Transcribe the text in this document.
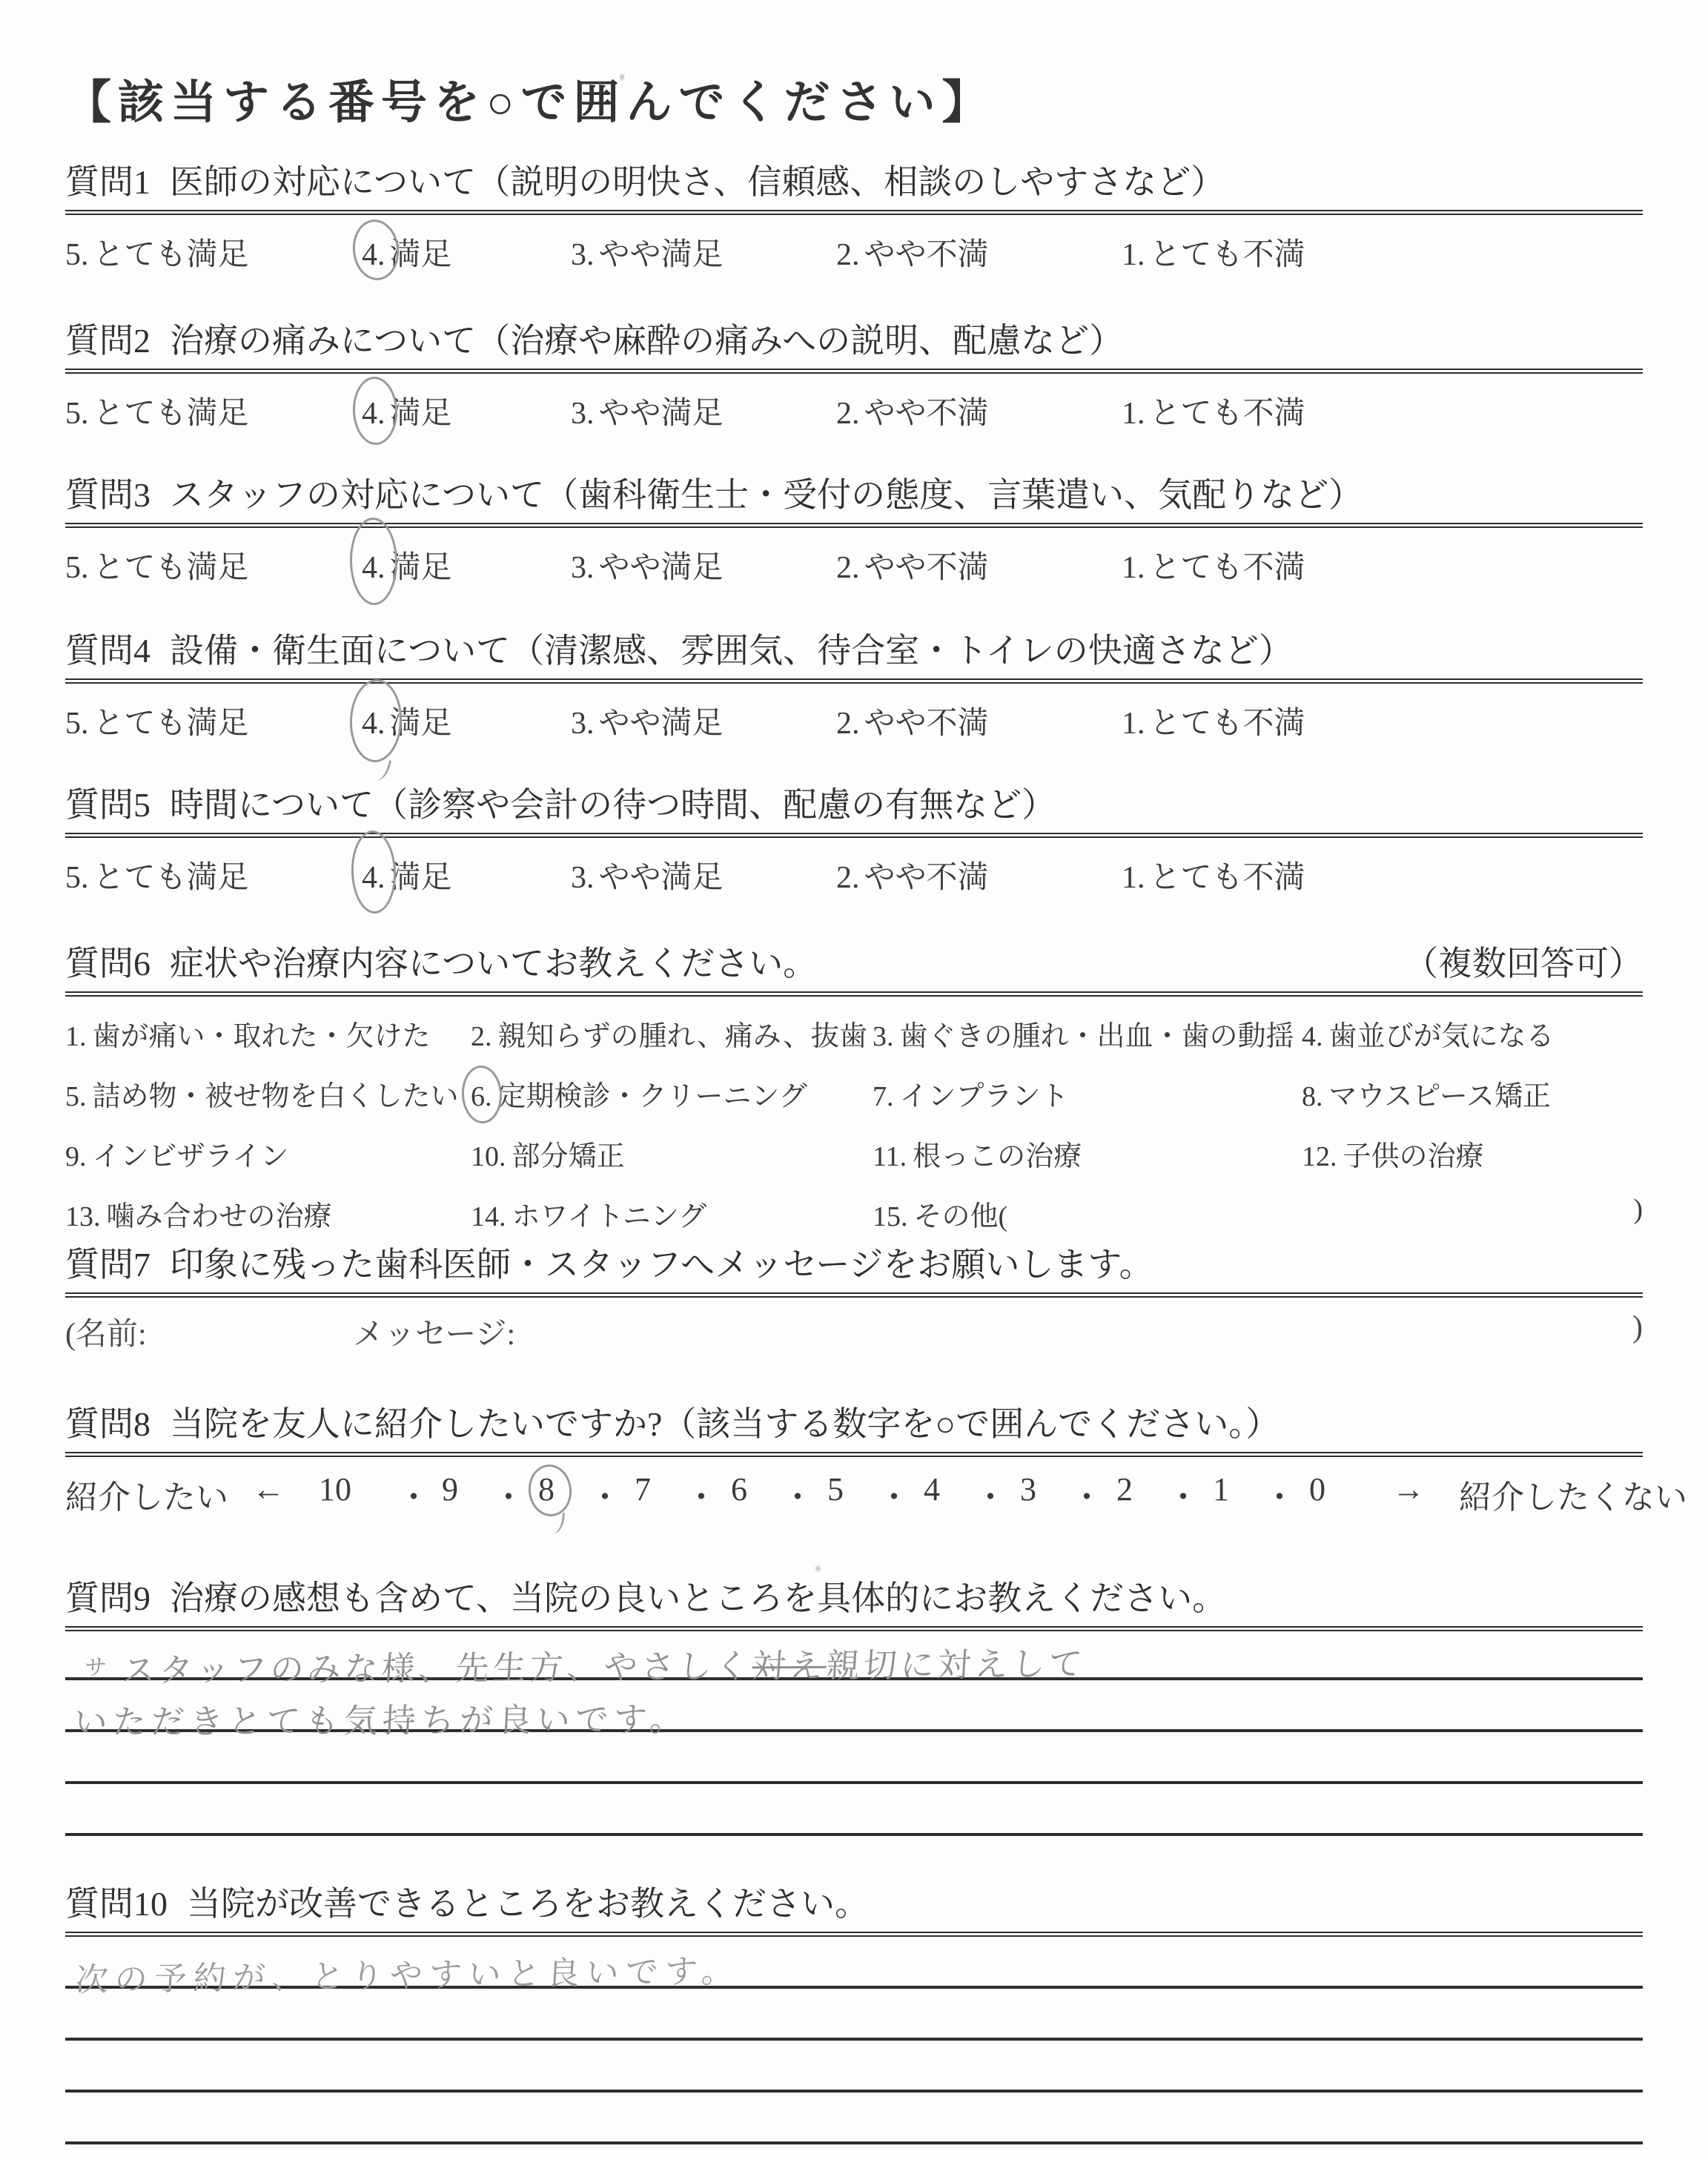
【該当する番号を○で囲んでください】
質問1 医師の対応について（説明の明快さ、信頼感、相談のしやすさなど）
5. とても満足	4. 満足	3. やや満足	2. やや不満	1. とても不満
質問2 治療の痛みについて（治療や麻酔の痛みへの説明、配慮など）
5. とても満足	4. 満足	3. やや満足	2. やや不満	1. とても不満
質問3 スタッフの対応について（歯科衛生士・受付の態度、言葉遣い、気配りなど）
5. とても満足	4. 満足	3. やや満足	2. やや不満	1. とても不満
質問4 設備・衛生面について（清潔感、雰囲気、待合室・トイレの快適さなど）
5. とても満足	4. 満足	3. やや満足	2. やや不満	1. とても不満
質問5 時間について（診察や会計の待つ時間、配慮の有無など）
5. とても満足	4. 満足	3. やや満足	2. やや不満	1. とても不満
質問6 症状や治療内容についてお教えください。	（複数回答可）
1. 歯が痛い・取れた・欠けた	2. 親知らずの腫れ、痛み、抜歯 3. 歯ぐきの腫れ・出血・歯の動揺 4. 歯並びが気になる
5. 詰め物・被せ物を白くしたい 6. 定期検診・クリーニング	7. インプラント	8. マウスピース矯正
9. インビザライン	10. 部分矯正	11. 根っこの治療	12. 子供の治療
13. 噛み合わせの治療	14. ホワイトニング	15. その他(	)
質問7 印象に残った歯科医師・スタッフへメッセージをお願いします。
(名前:	メッセージ:	)
質問8 当院を友人に紹介したいですか?（該当する数字を○で囲んでください。）
紹介したい ← 10 ・ 9 ・ 8 ・ 7 ・ 6 ・ 5 ・ 4 ・ 3 ・ 2 ・ 1 ・ 0 → 紹介したくない
質問9 治療の感想も含めて、当院の良いところを具体的にお教えください。
$^サ$ スタッフのみな様、先生方、やさしく対え親切に対えして
いただきとても気持ちが良いです。
質問10 当院が改善できるところをお教えください。
次の予約が、とりやすいと良いです。
